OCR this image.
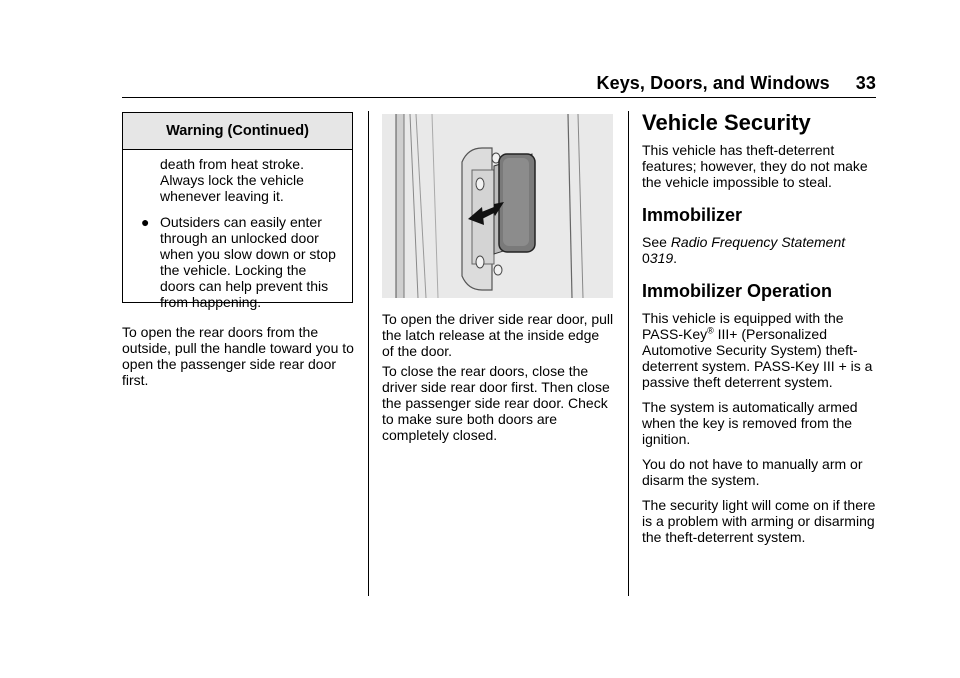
Keys, Doors, and Windows 33
Warning (Continued)

death from heat stroke. Always lock the vehicle whenever leaving it.

● Outsiders can easily enter through an unlocked door when you slow down or stop the vehicle. Locking the doors can help prevent this from happening.

To open the rear doors from the outside, pull the handle toward you to open the passenger side rear door first.

To open the driver side rear door, pull the latch release at the inside edge of the door.

To close the rear doors, close the driver side rear door first. Then close the passenger side rear door. Check to make sure both doors are completely closed.

Vehicle Security

This vehicle has theft-deterrent features; however, they do not make the vehicle impossible to steal.

Immobilizer

See Radio Frequency Statement 0319.

Immobilizer Operation

This vehicle is equipped with the PASS-Key® III+ (Personalized Automotive Security System) theft-deterrent system. PASS-Key III + is a passive theft deterrent system.

The system is automatically armed when the key is removed from the ignition.

You do not have to manually arm or disarm the system.

The security light will come on if there is a problem with arming or disarming the theft-deterrent system.
